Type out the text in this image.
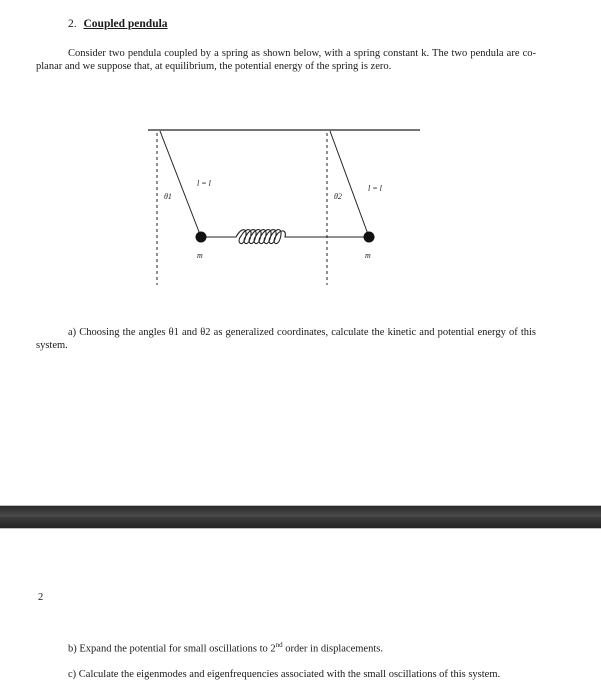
2. Coupled pendula

Consider two pendula coupled by a spring as shown below, with a spring constant k. The two pendula are co-planar and we suppose that, at equilibrium, the potential energy of the spring is zero.

l = l
l = l
θ1	θ2
m	m

a) Choosing the angles θ1 and θ2 as generalized coordinates, calculate the kinetic and potential energy of this system.

2

b) Expand the potential for small oscillations to 2nd order in displacements.

c) Calculate the eigenmodes and eigenfrequencies associated with the small oscillations of this system.
